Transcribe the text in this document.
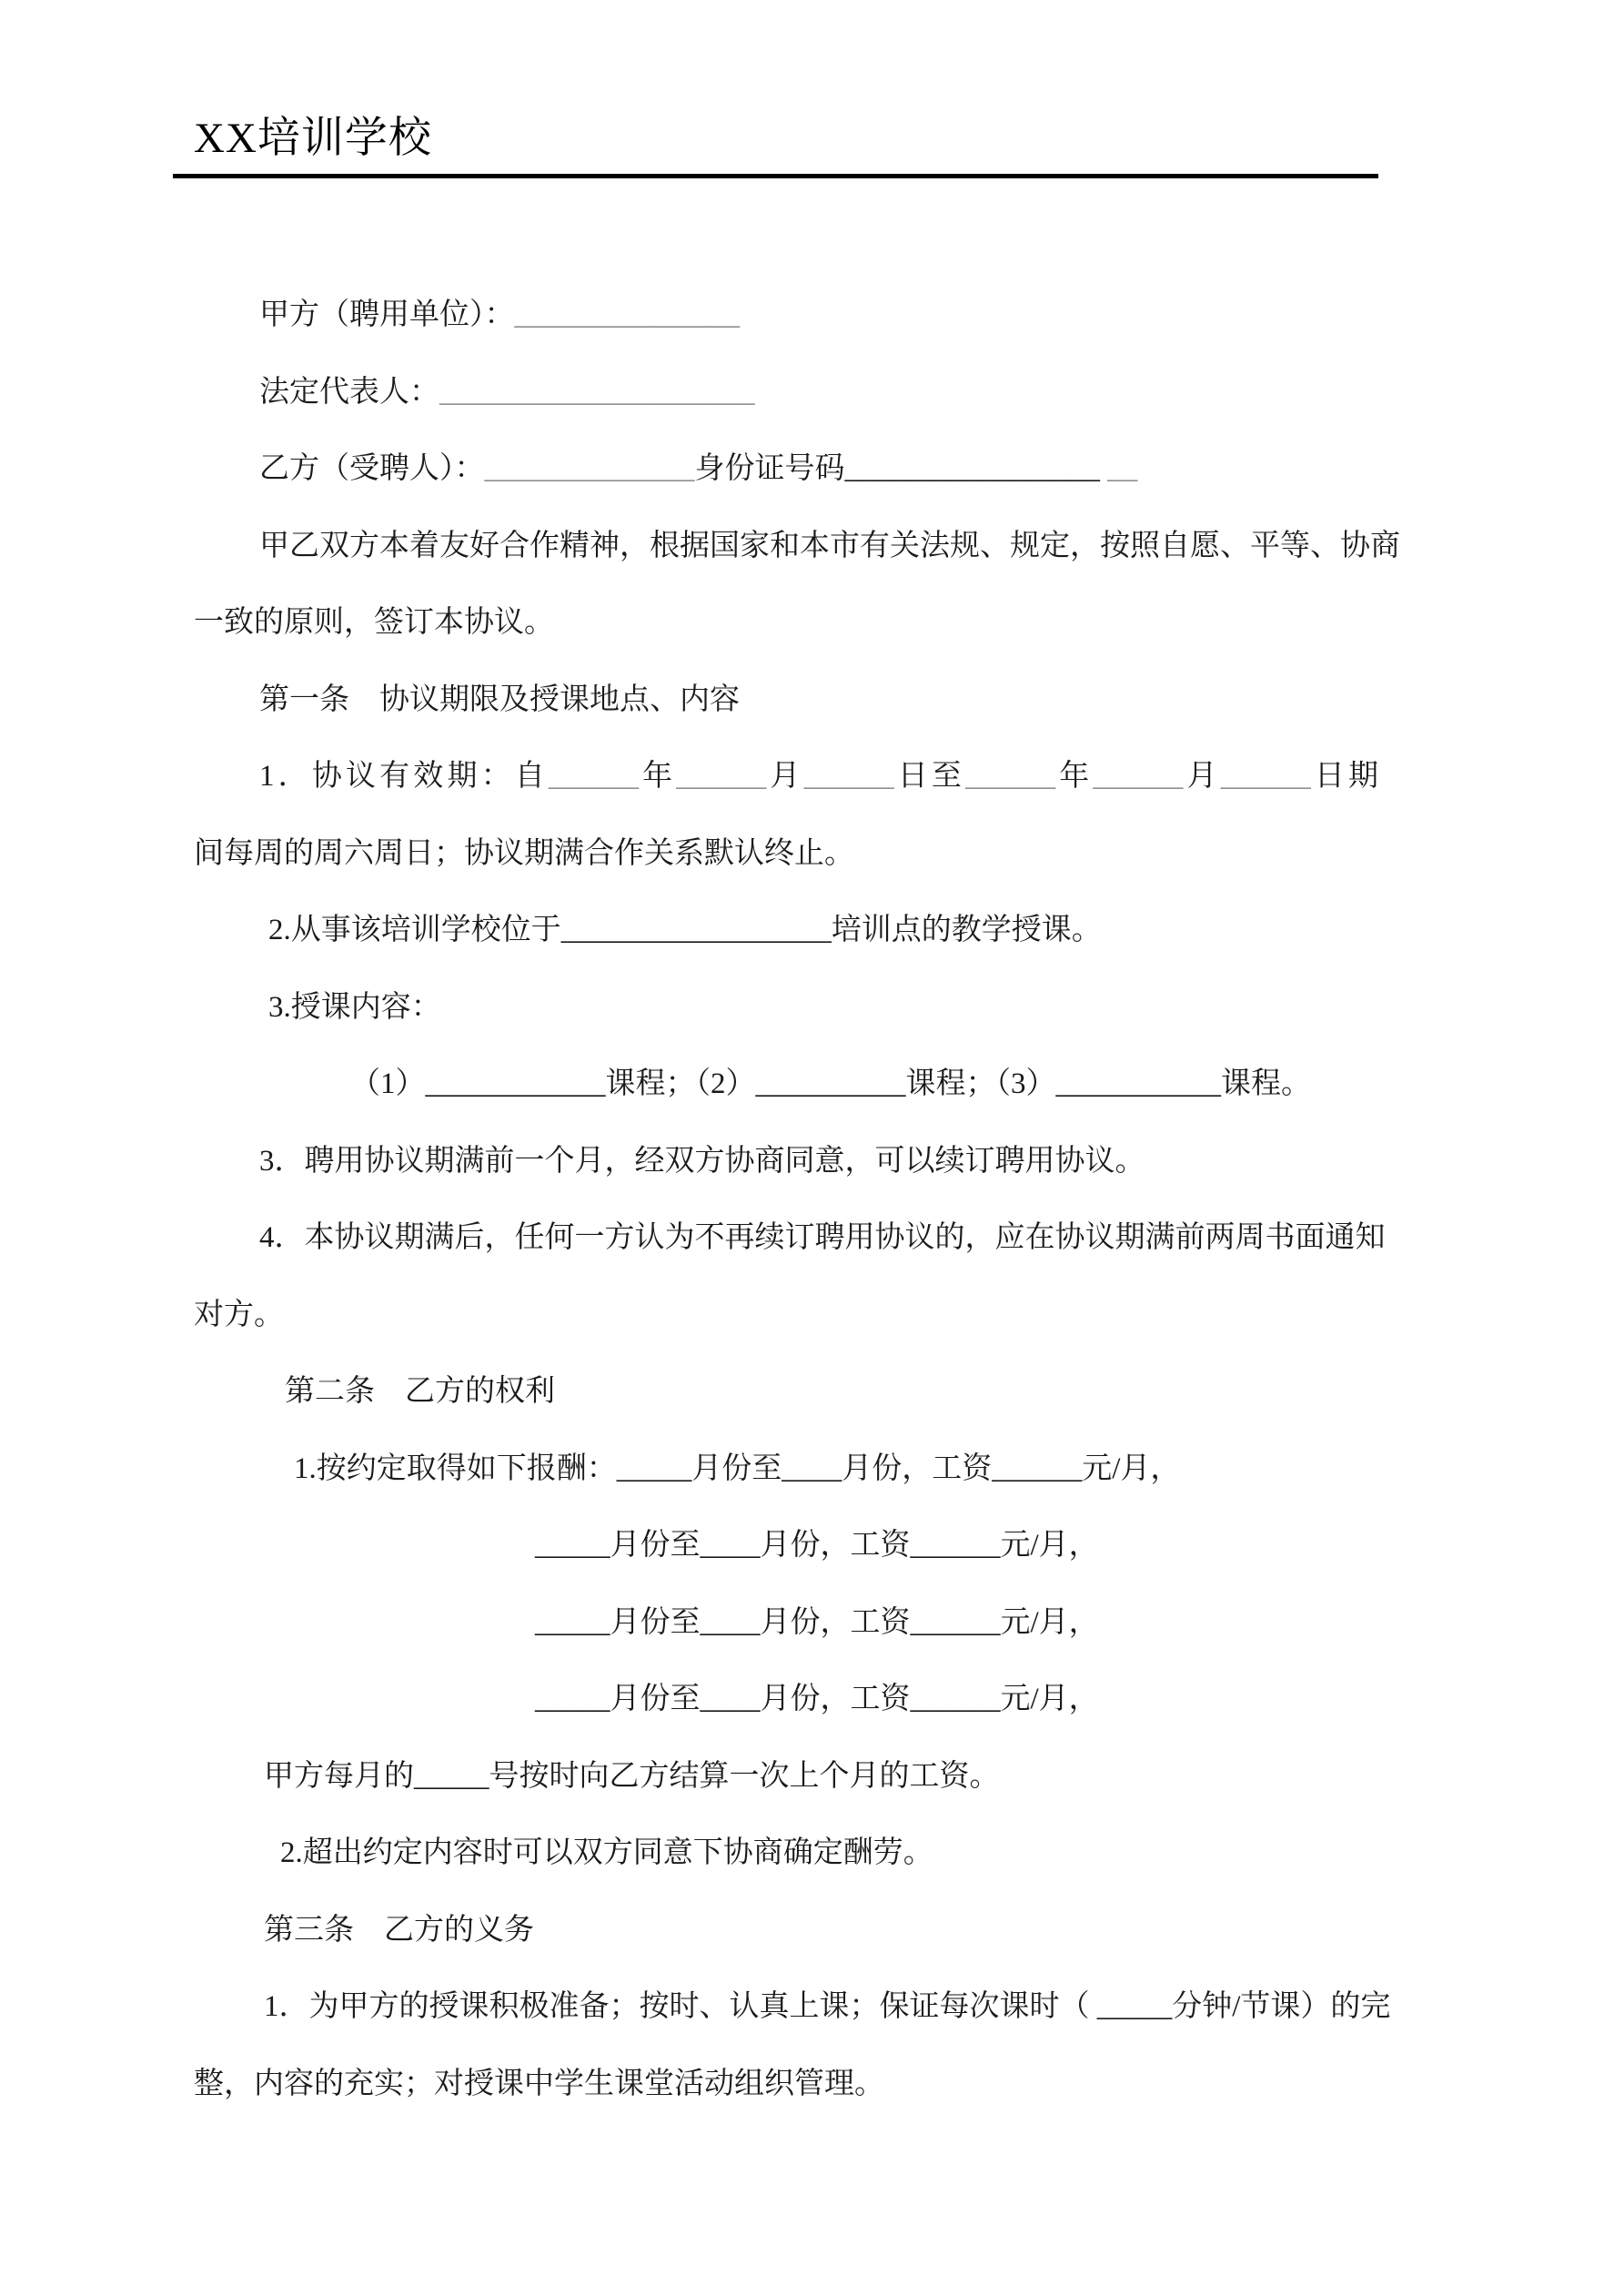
XX培训学校

甲方（聘用单位）：_______________

法定代表人：_____________________

乙方（受聘人）：______________身份证号码_________________ __

甲乙双方本着友好合作精神，根据国家和本市有关法规、规定，按照自愿、平等、协商

一致的原则，签订本协议。

第一条　协议期限及授课地点、内容

1．协议有效期：自______年______月______日至______年______月______日期

间每周的周六周日；协议期满合作关系默认终止。

2.从事该培训学校位于__________________培训点的教学授课。

3.授课内容：

（1）____________课程；（2）__________课程；（3）___________课程。

3．聘用协议期满前一个月，经双方协商同意，可以续订聘用协议。

4．本协议期满后，任何一方认为不再续订聘用协议的，应在协议期满前两周书面通知

对方。

第二条　乙方的权利

1.按约定取得如下报酬：_____月份至____月份，工资______元/月，

_____月份至____月份，工资______元/月，

_____月份至____月份，工资______元/月，

_____月份至____月份，工资______元/月，

甲方每月的_____号按时向乙方结算一次上个月的工资。

2.超出约定内容时可以双方同意下协商确定酬劳。

第三条　乙方的义务

1．为甲方的授课积极准备；按时、认真上课；保证每次课时（ _____分钟/节课）的完

整，内容的充实；对授课中学生课堂活动组织管理。
